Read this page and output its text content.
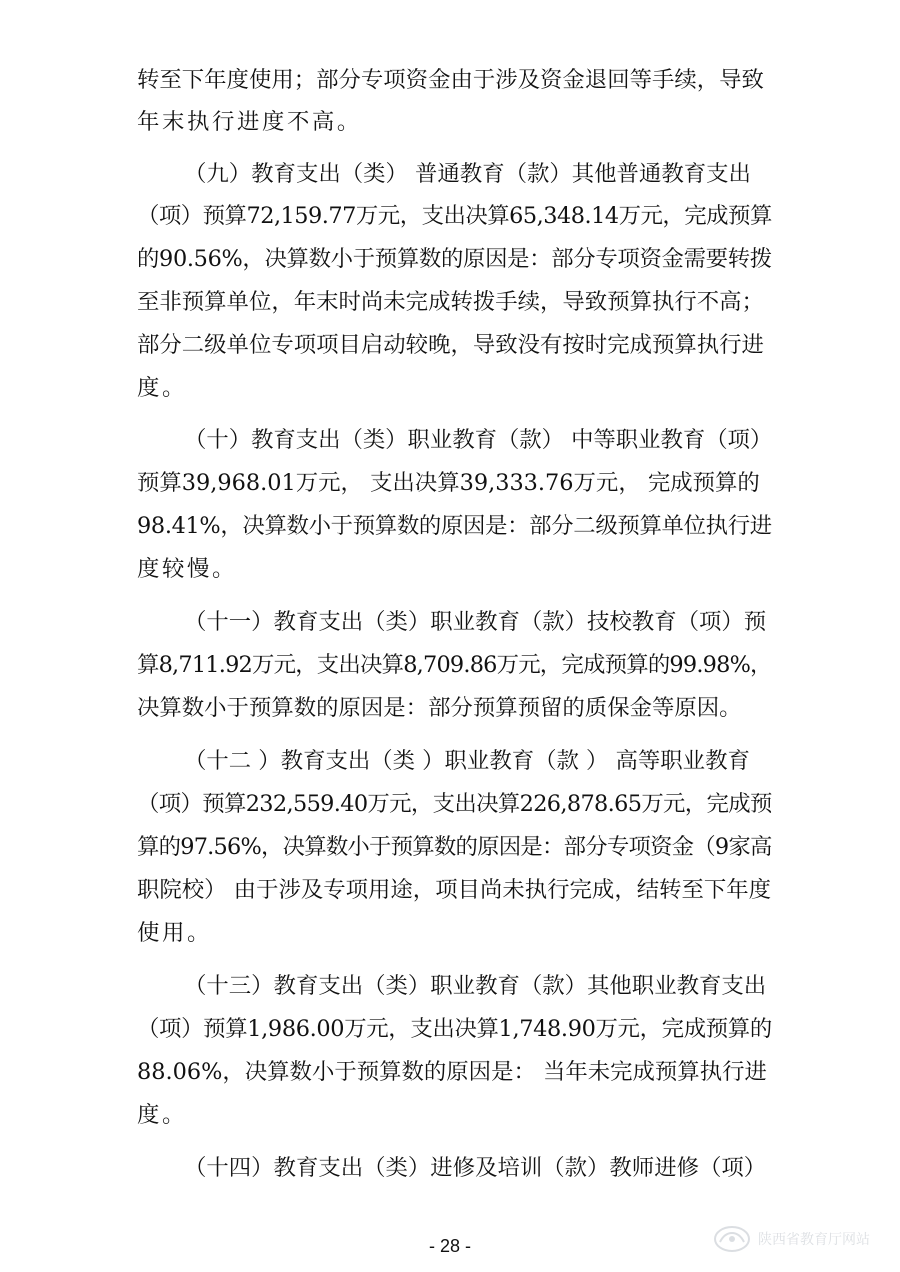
转至下年度使用；部分专项资金由于涉及资金退回等手续，导致
年末执行进度不高。
（九）教育支出（类） 普通教育（款）其他普通教育支出
（项）预算72,159.77万元，支出决算65,348.14万元，完成预算
的90.56%，决算数小于预算数的原因是：部分专项资金需要转拨
至非预算单位，年末时尚未完成转拨手续，导致预算执行不高；
部分二级单位专项项目启动较晚，导致没有按时完成预算执行进
度。
（十）教育支出（类）职业教育（款） 中等职业教育（项）
预算39,968.01万元， 支出决算39,333.76万元， 完成预算的
98.41%，决算数小于预算数的原因是：部分二级预算单位执行进
度较慢。
（十一）教育支出（类）职业教育（款）技校教育（项）预
算8,711.92万元，支出决算8,709.86万元，完成预算的99.98%，
决算数小于预算数的原因是：部分预算预留的质保金等原因。
（十二 ）教育支出（类 ）职业教育（款 ） 高等职业教育
（项）预算232,559.40万元，支出决算226,878.65万元，完成预
算的97.56%，决算数小于预算数的原因是：部分专项资金（9家高
职院校） 由于涉及专项用途，项目尚未执行完成，结转至下年度
使用。
（十三）教育支出（类）职业教育（款）其他职业教育支出
（项）预算1,986.00万元，支出决算1,748.90万元，完成预算的
88.06%，决算数小于预算数的原因是： 当年未完成预算执行进
度。
（十四）教育支出（类）进修及培训（款）教师进修（项）
- 28 -	陕西省教育厅网站
